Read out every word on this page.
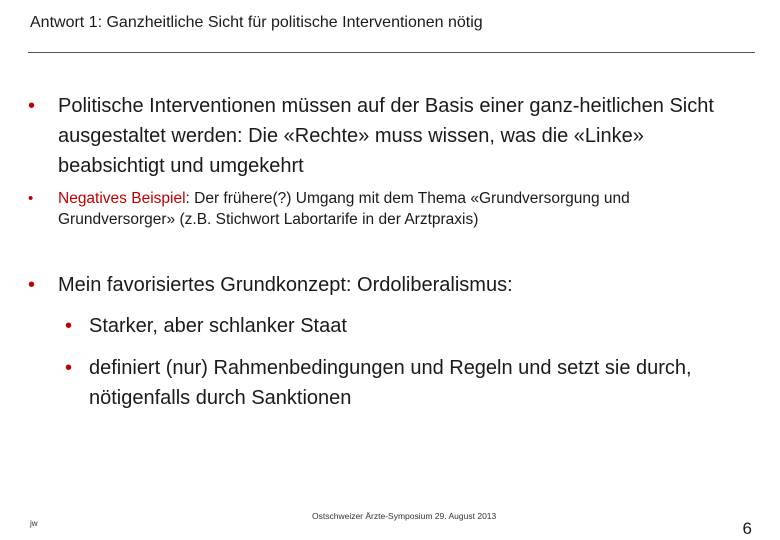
Antwort 1: Ganzheitliche Sicht für politische Interventionen nötig
•	Politische Interventionen müssen auf der Basis einer ganz-heitlichen Sicht ausgestaltet werden: Die «Rechte» muss wissen, was die «Linke» beabsichtigt und umgekehrt
•	Negatives Beispiel: Der frühere(?) Umgang mit dem Thema «Grundversorgung und Grundversorger» (z.B. Stichwort Labortarife in der Arztpraxis)
•	Mein favorisiertes Grundkonzept: Ordoliberalismus:
• Starker, aber schlanker Staat
• definiert (nur) Rahmenbedingungen und Regeln und setzt sie durch, nötigenfalls durch Sanktionen
Ostschweizer Ärzte-Symposium 29. August 2013
jw	6
